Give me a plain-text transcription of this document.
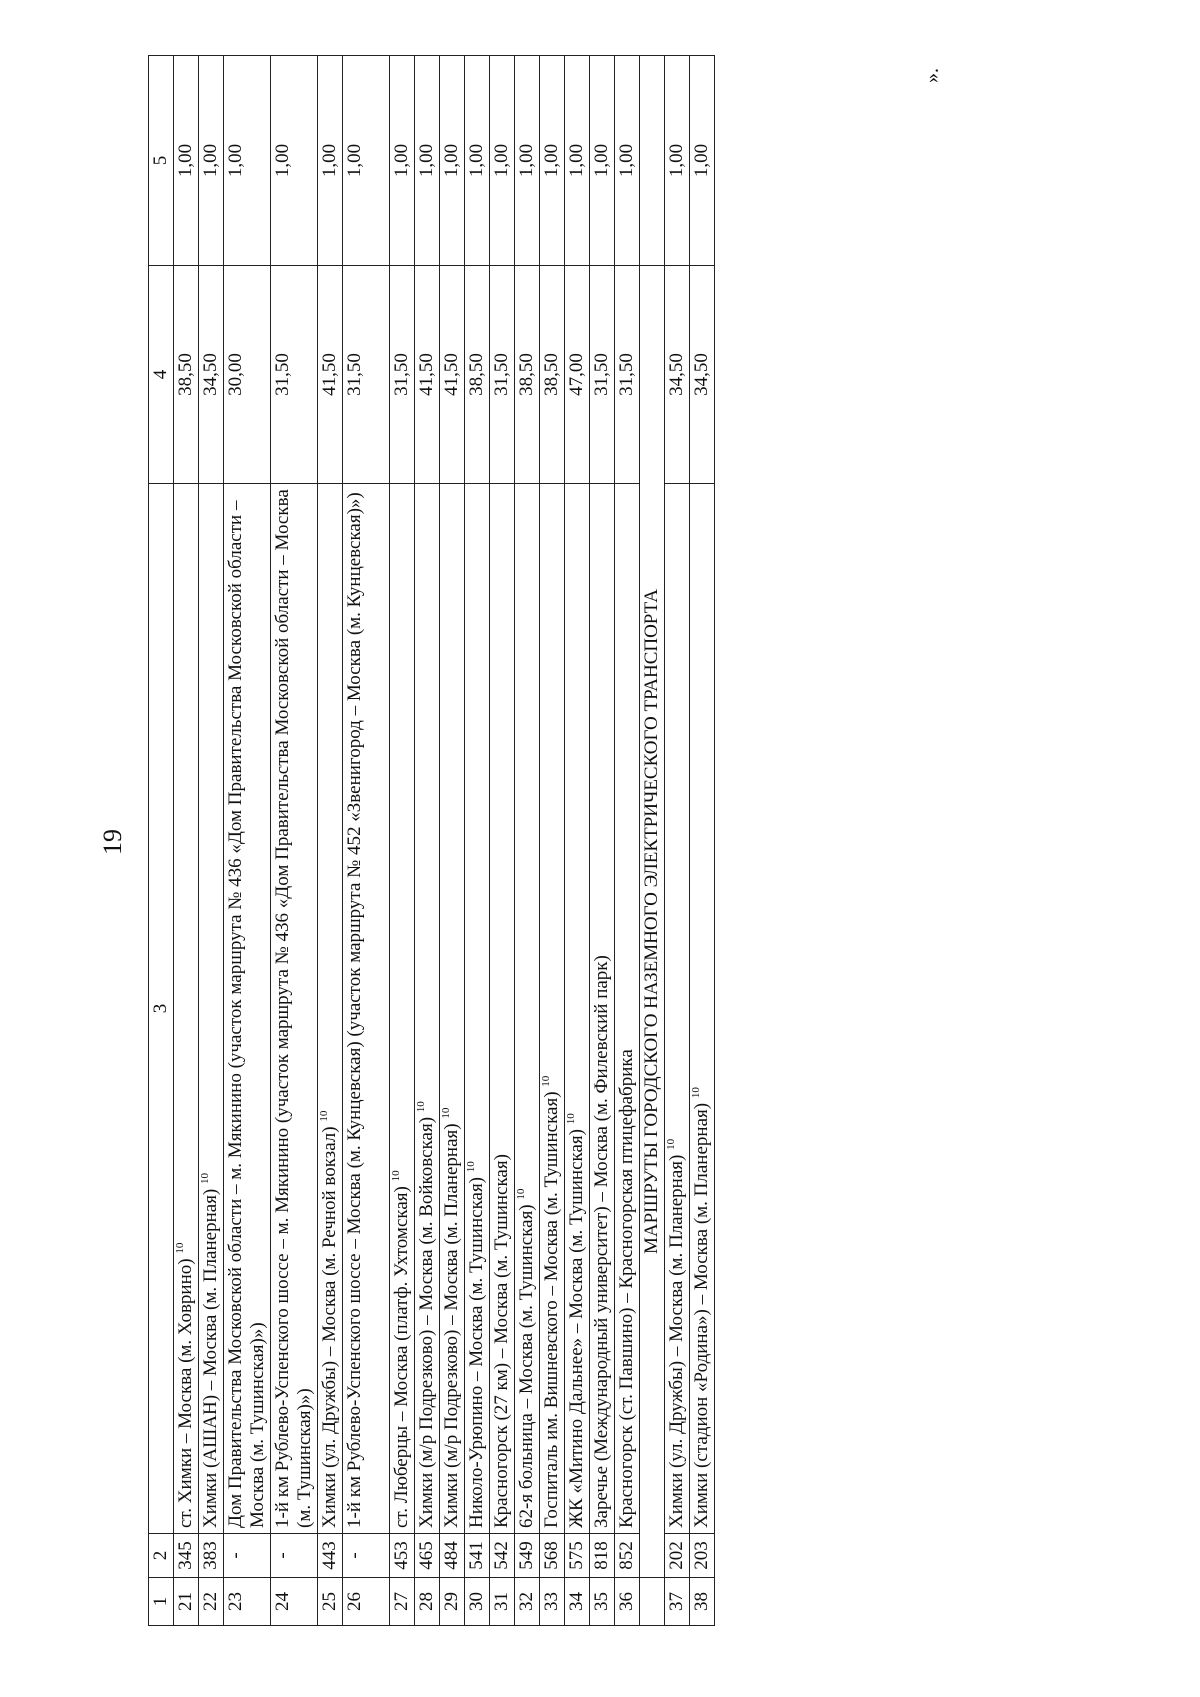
19
».
1	2	3	4	5
21	345	ст. Химки – Москва (м. Ховрино) $^{10}$	38,50	1,00
22	383	Химки (АШАН) – Москва (м. Планерная) $^{10}$	34,50	1,00
23	-	Дом Правительства Московской области – м. Мякинино (участок маршрута № 436 «Дом Правительства Московской области – Москва (м. Тушинская)»)	30,00	1,00
24	-	1-й км Рублево-Успенского шоссе – м. Мякинино (участок маршрута № 436 «Дом Правительства Московской области – Москва (м. Тушинская)»)	31,50	1,00
25	443	Химки (ул. Дружбы) – Москва (м. Речной вокзал) $^{10}$	41,50	1,00
26	-	1-й км Рублево-Успенского шоссе – Москва (м. Кунцевская) (участок маршрута № 452 «Звенигород – Москва (м. Кунцевская)»)	31,50	1,00
27	453	ст. Люберцы – Москва (платф. Ухтомская) $^{10}$	31,50	1,00
28	465	Химки (м/р Подрезково) – Москва (м. Войковская) $^{10}$	41,50	1,00
29	484	Химки (м/р Подрезково) – Москва (м. Планерная) $^{10}$	41,50	1,00
30	541	Николо-Урюпино – Москва (м. Тушинская) $^{10}$	38,50	1,00
31	542	Красногорск (27 км) – Москва (м. Тушинская)	31,50	1,00
32	549	62-я больница – Москва (м. Тушинская) $^{10}$	38,50	1,00
33	568	Госпиталь им. Вишневского – Москва (м. Тушинская) $^{10}$	38,50	1,00
34	575	ЖК «Митино Дальнее» – Москва (м. Тушинская) $^{10}$	47,00	1,00
35	818	Заречье (Международный университет) – Москва (м. Филевский парк)	31,50	1,00
36	852	Красногорск (ст. Павшино) – Красногорская птицефабрика	31,50	1,00
	МАРШРУТЫ ГОРОДСКОГО НАЗЕМНОГО ЭЛЕКТРИЧЕСКОГО ТРАНСПОРТА			
37	202	Химки (ул. Дружбы) – Москва (м. Планерная) $^{10}$	34,50	1,00
38	203	Химки (стадион «Родина») – Москва (м. Планерная) $^{10}$	34,50	1,00
